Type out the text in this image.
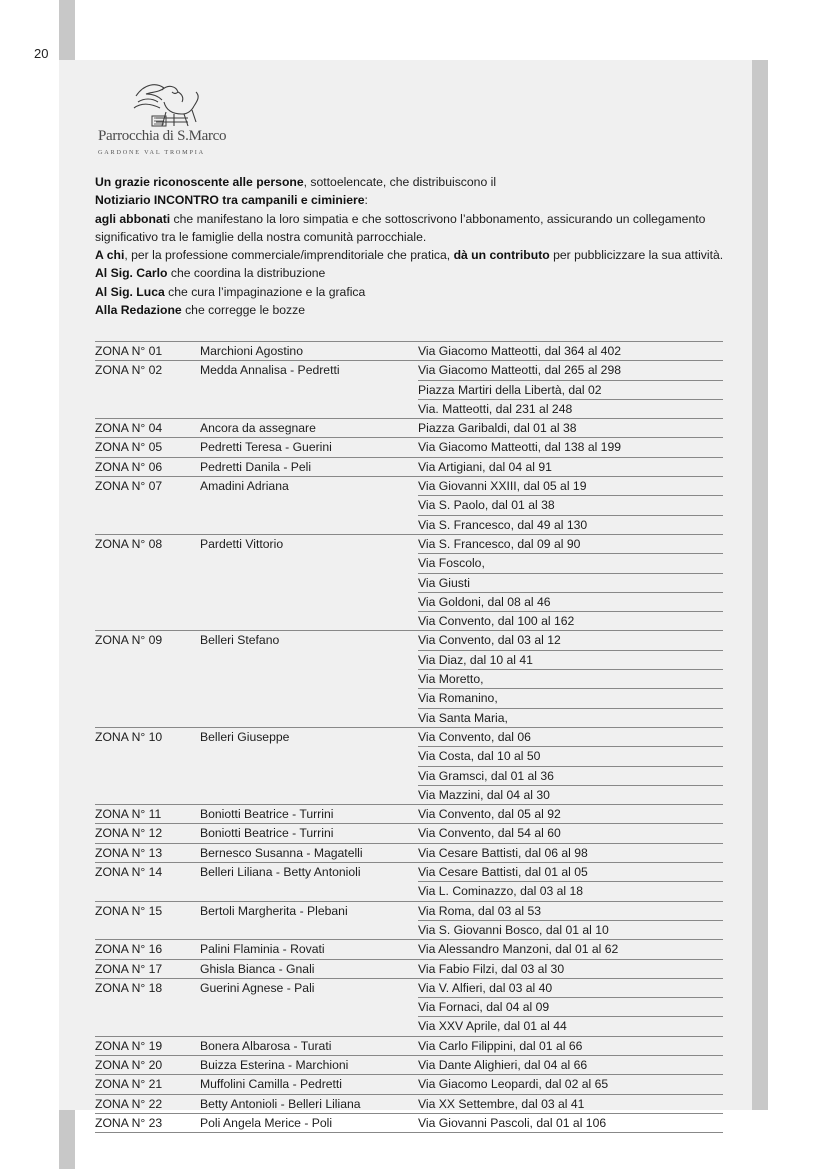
20
Parrocchia di S.Marco
GARDONE VAL TROMPIA

Un grazie riconoscente alle persone, sottoelencate, che distribuiscono il

Notiziario INCONTRO tra campanili e ciminiere:

agli abbonati che manifestano la loro simpatia e che sottoscrivono l’abbonamento, assicurando un collegamento significativo tra le famiglie della nostra comunità parrocchiale.

A chi, per la professione commerciale/imprenditoriale che pratica, dà un contributo per pubblicizzare la sua attività.

Al Sig. Carlo che coordina la distribuzione

Al Sig. Luca che cura l’impaginazione e la grafica

Alla Redazione che corregge le bozze

ZONA N° 01	Marchioni Agostino	Via Giacomo Matteotti, dal 364 al 402
ZONA N° 02	Medda Annalisa - Pedretti	Via Giacomo Matteotti, dal 265 al 298
Piazza Martiri della Libertà, dal 02
Via. Matteotti, dal 231 al 248
ZONA N° 04	Ancora da assegnare	Piazza Garibaldi, dal 01 al 38
ZONA N° 05	Pedretti Teresa - Guerini	Via Giacomo Matteotti, dal 138 al 199
ZONA N° 06	Pedretti Danila - Peli	Via Artigiani, dal 04 al 91
ZONA N° 07	Amadini Adriana	Via Giovanni XXIII, dal 05 al 19
Via S. Paolo, dal 01 al 38
Via S. Francesco, dal 49 al 130
ZONA N° 08	Pardetti Vittorio	Via S. Francesco, dal 09 al 90
Via Foscolo,
Via Giusti
Via Goldoni, dal 08 al 46
Via Convento, dal 100 al 162
ZONA N° 09	Belleri Stefano	Via Convento, dal 03 al 12
Via Diaz, dal 10 al 41
Via Moretto,
Via Romanino,
Via Santa Maria,
ZONA N° 10	Belleri Giuseppe	Via Convento, dal 06
Via Costa, dal 10 al 50
Via Gramsci, dal 01 al 36
Via Mazzini, dal 04 al 30
ZONA N° 11	Boniotti Beatrice - Turrini	Via Convento, dal 05 al 92
ZONA N° 12	Boniotti Beatrice - Turrini	Via Convento, dal 54 al 60
ZONA N° 13	Bernesco Susanna - Magatelli	Via Cesare Battisti, dal 06 al 98
ZONA N° 14	Belleri Liliana - Betty Antonioli	Via Cesare Battisti, dal 01 al 05
Via L. Cominazzo, dal 03 al 18
ZONA N° 15	Bertoli Margherita - Plebani	Via Roma, dal 03 al 53
Via S. Giovanni Bosco, dal 01 al 10
ZONA N° 16	Palini Flaminia - Rovati	Via Alessandro Manzoni, dal 01 al 62
ZONA N° 17	Ghisla Bianca - Gnali	Via Fabio Filzi, dal 03 al 30
ZONA N° 18	Guerini Agnese - Pali	Via V. Alfieri, dal 03 al 40
Via Fornaci, dal 04 al 09
Via XXV Aprile, dal 01 al 44
ZONA N° 19	Bonera Albarosa - Turati	Via Carlo Filippini, dal 01 al 66
ZONA N° 20	Buizza Esterina - Marchioni	Via Dante Alighieri, dal 04 al 66
ZONA N° 21	Muffolini Camilla - Pedretti	Via Giacomo Leopardi, dal 02 al 65
ZONA N° 22	Betty Antonioli - Belleri Liliana	Via XX Settembre, dal 03 al 41
ZONA N° 23	Poli Angela Merice - Poli	Via Giovanni Pascoli, dal 01 al 106
